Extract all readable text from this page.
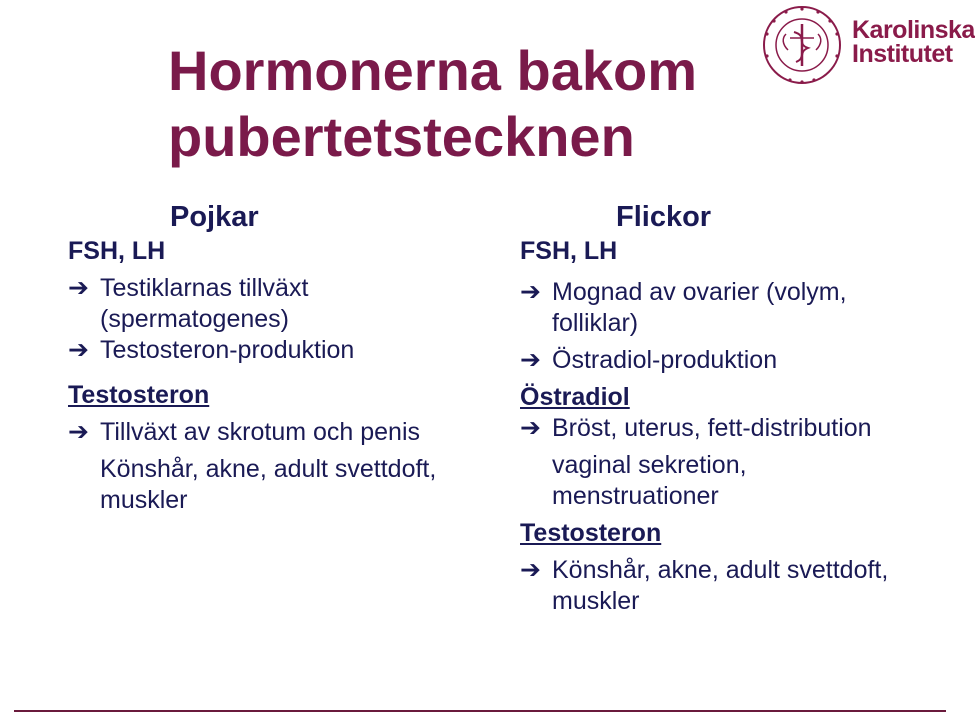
Hormonerna bakom pubertetstecknen
Karolinska
Institutet
Pojkar
FSH, LH
➔ Testiklarnas tillväxt (spermatogenes)
➔ Testosteron-produktion
Testosteron
➔ Tillväxt av skrotum och penis
Könshår, akne, adult svettdoft, muskler
Flickor
FSH, LH
➔ Mognad av ovarier (volym, folliklar)
➔ Östradiol-produktion
Östradiol
➔ Bröst, uterus, fett-distribution
vaginal sekretion, menstruationer
Testosteron
➔ Könshår, akne, adult svettdoft, muskler
